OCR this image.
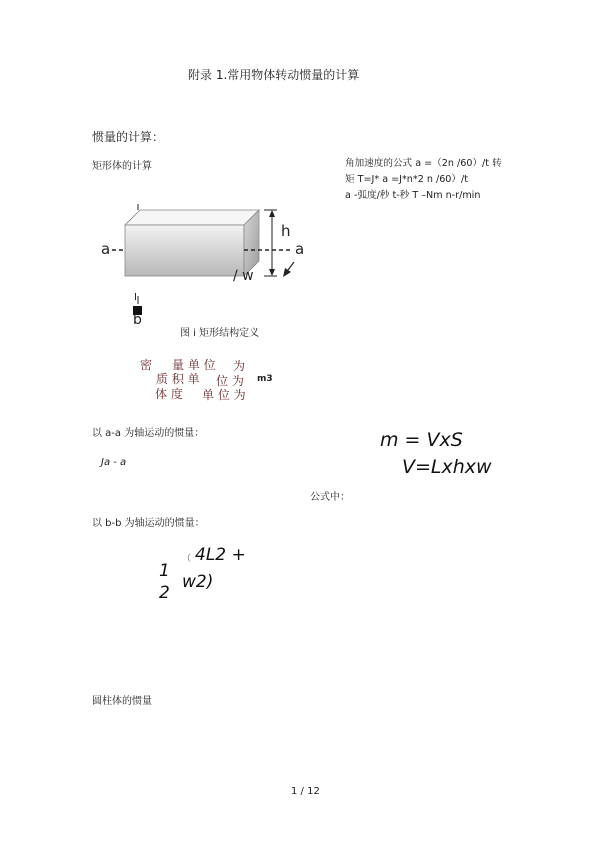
附录 1.常用物体转动惯量的计算
惯量的计算：
矩形体的计算	角加速度的公式 a =（2n /60）/t 转
矩 T=J* a =J*n*2 n /60）/t
a -弧度/秒 t-秒 T –Nm n-r/min
a	a
h
/ w
I
b
图 i 矩形结构定义
密 量 单 位 为
质 积 单 位 为 m3
体 度 单 位 为
以 a-a 为轴运动的惯量：
Ja - a
m = VxS
V=Lxhxw
公式中：
以 b-b 为轴运动的惯量：
（ 4L2 +
w2)
1
2
圆柱体的惯量
1 / 12
